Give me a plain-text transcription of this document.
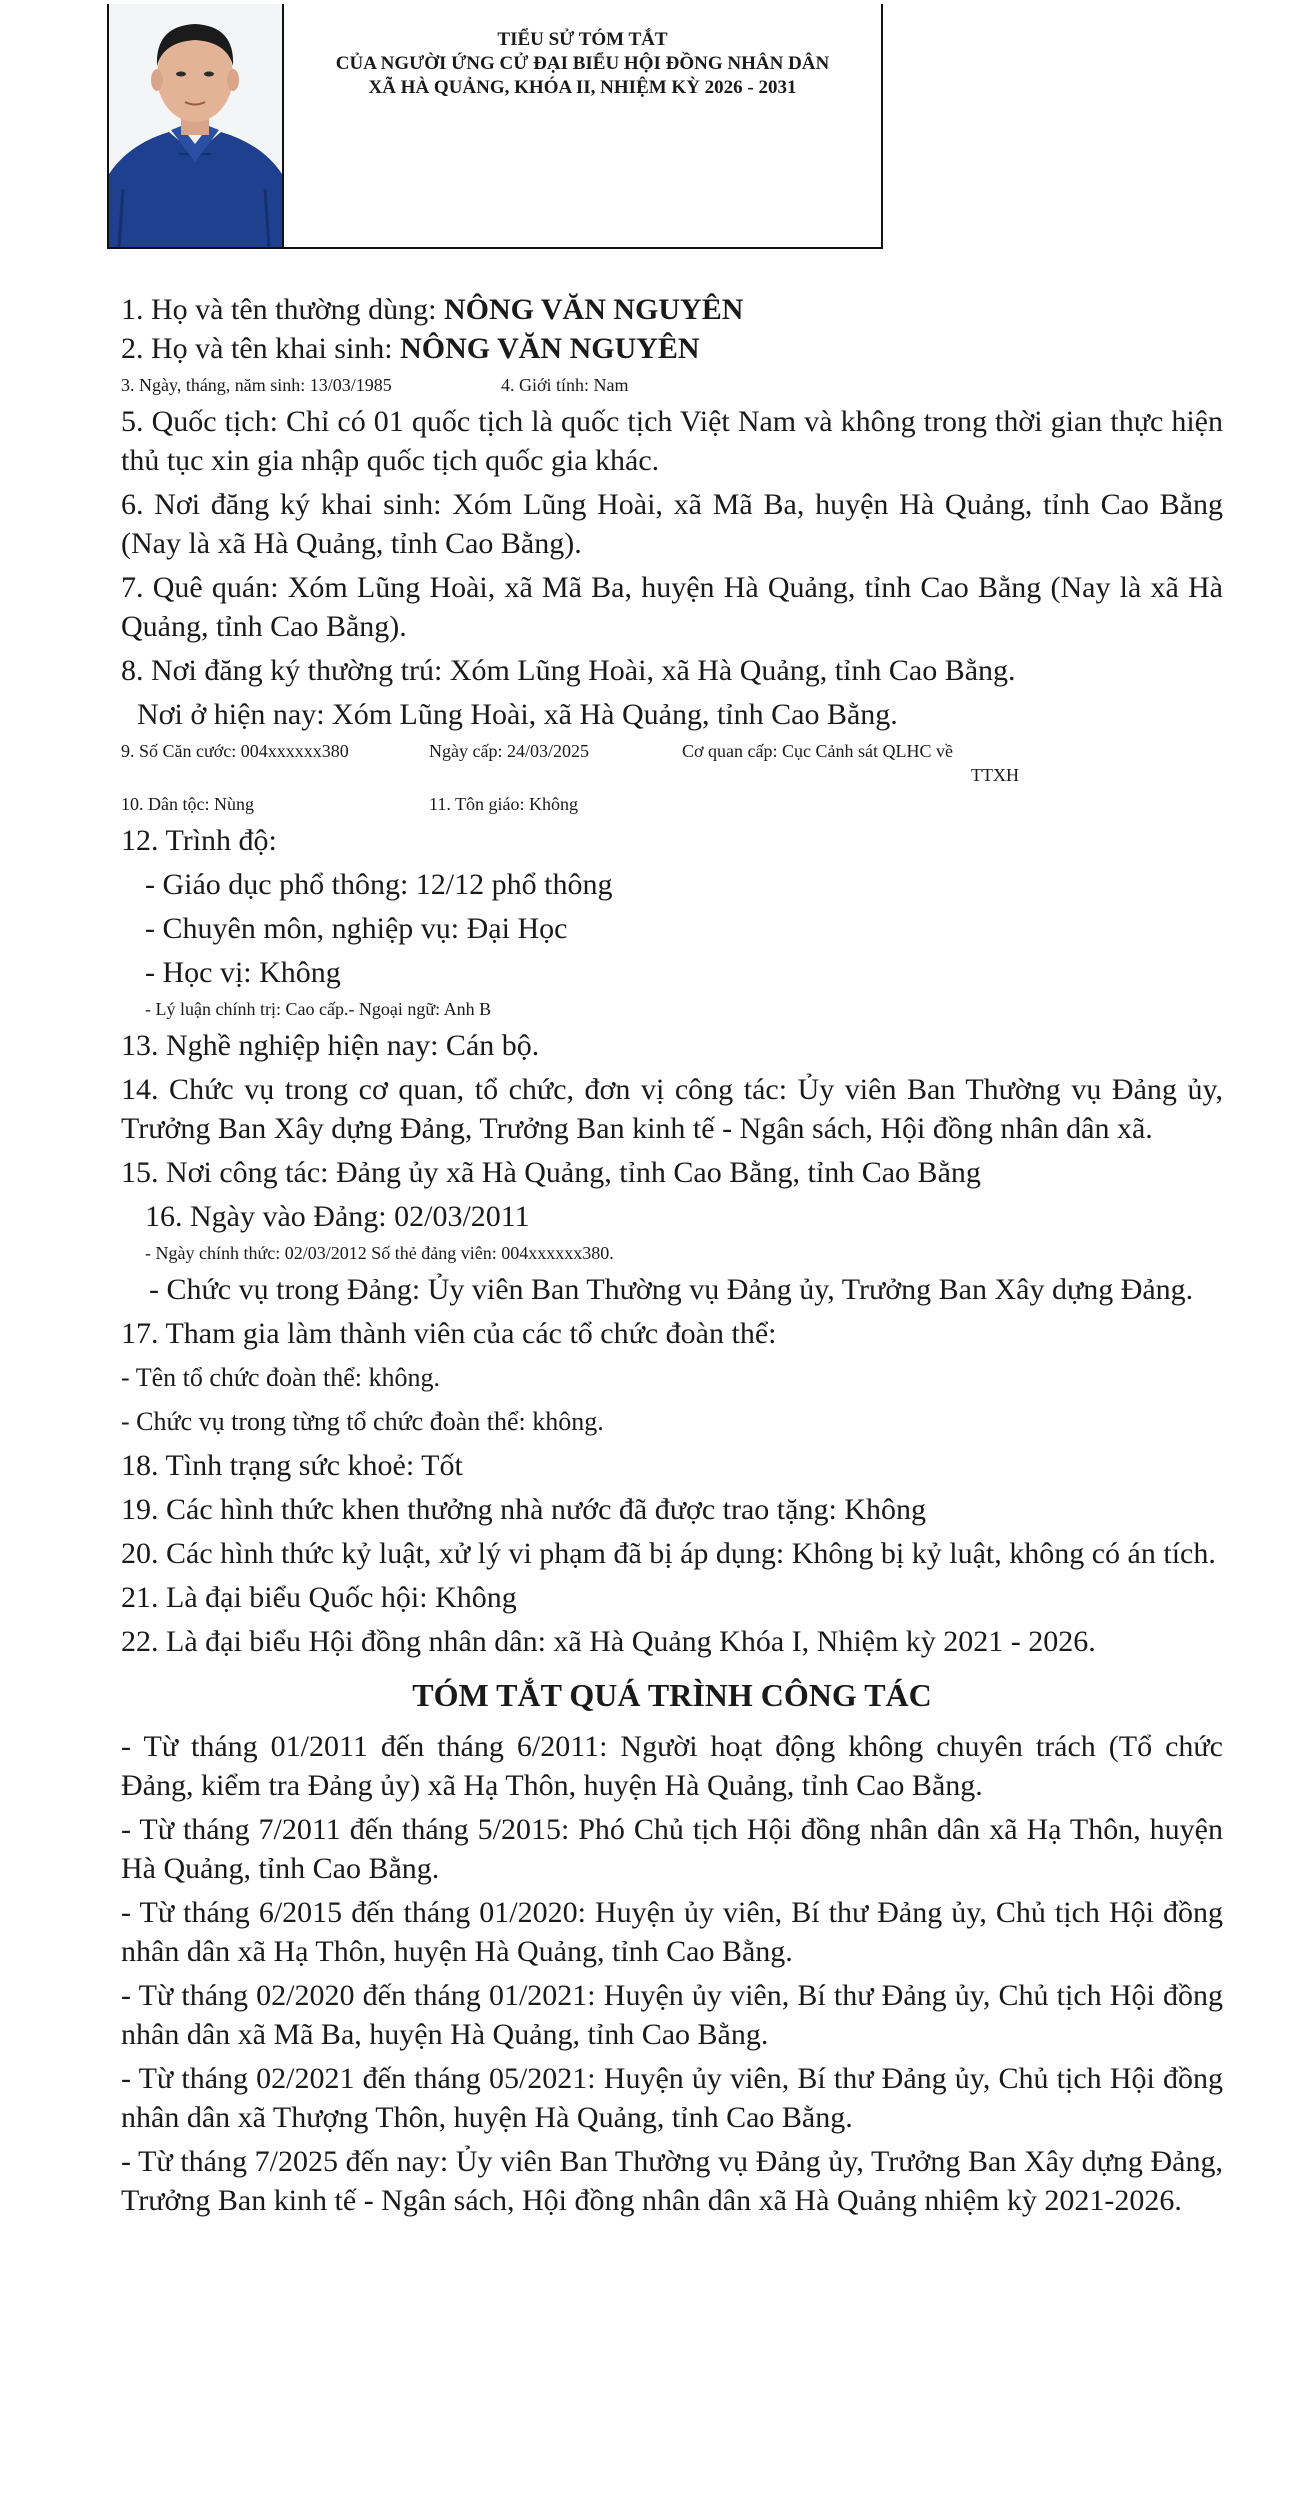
TIỂU SỬ TÓM TẮT
CỦA NGƯỜI ỨNG CỬ ĐẠI BIỂU HỘI ĐỒNG NHÂN DÂN
XÃ HÀ QUẢNG, KHÓA II, NHIỆM KỲ 2026 - 2031

1. Họ và tên thường dùng: NÔNG VĂN NGUYÊN

2. Họ và tên khai sinh: NÔNG VĂN NGUYÊN

3. Ngày, tháng, năm sinh: 13/03/1985	4. Giới tính: Nam

5. Quốc tịch: Chỉ có 01 quốc tịch là quốc tịch Việt Nam và không trong thời gian thực hiện thủ tục xin gia nhập quốc tịch quốc gia khác.

6. Nơi đăng ký khai sinh: Xóm Lũng Hoài, xã Mã Ba, huyện Hà Quảng, tỉnh Cao Bằng (Nay là xã Hà Quảng, tỉnh Cao Bằng).

7. Quê quán: Xóm Lũng Hoài, xã Mã Ba, huyện Hà Quảng, tỉnh Cao Bằng (Nay là xã Hà Quảng, tỉnh Cao Bằng).

8. Nơi đăng ký thường trú: Xóm Lũng Hoài, xã Hà Quảng, tỉnh Cao Bằng.

Nơi ở hiện nay: Xóm Lũng Hoài, xã Hà Quảng, tỉnh Cao Bằng.

9. Số Căn cước: 004xxxxxx380	Ngày cấp: 24/03/2025	Cơ quan cấp: Cục Cảnh sát QLHC về
TTXH

10. Dân tộc: Nùng	11. Tôn giáo: Không

12. Trình độ:

- Giáo dục phổ thông: 12/12 phổ thông

- Chuyên môn, nghiệp vụ: Đại Học

- Học vị: Không

- Lý luận chính trị: Cao cấp.- Ngoại ngữ: Anh B

13. Nghề nghiệp hiện nay: Cán bộ.

14. Chức vụ trong cơ quan, tổ chức, đơn vị công tác: Ủy viên Ban Thường vụ Đảng ủy, Trưởng Ban Xây dựng Đảng, Trưởng Ban kinh tế - Ngân sách, Hội đồng nhân dân xã.

15. Nơi công tác: Đảng ủy xã Hà Quảng, tỉnh Cao Bằng, tỉnh Cao Bằng

16. Ngày vào Đảng: 02/03/2011

- Ngày chính thức: 02/03/2012 Số thẻ đảng viên: 004xxxxxx380.

- Chức vụ trong Đảng: Ủy viên Ban Thường vụ Đảng ủy, Trưởng Ban Xây dựng Đảng.

17. Tham gia làm thành viên của các tổ chức đoàn thể:

- Tên tổ chức đoàn thể: không.

- Chức vụ trong từng tổ chức đoàn thể: không.

18. Tình trạng sức khoẻ: Tốt

19. Các hình thức khen thưởng nhà nước đã được trao tặng: Không

20. Các hình thức kỷ luật, xử lý vi phạm đã bị áp dụng: Không bị kỷ luật, không có án tích.

21. Là đại biểu Quốc hội: Không

22. Là đại biểu Hội đồng nhân dân: xã Hà Quảng Khóa I, Nhiệm kỳ 2021 - 2026.

TÓM TẮT QUÁ TRÌNH CÔNG TÁC

- Từ tháng 01/2011 đến tháng 6/2011: Người hoạt động không chuyên trách (Tổ chức Đảng, kiểm tra Đảng ủy) xã Hạ Thôn, huyện Hà Quảng, tỉnh Cao Bằng.

- Từ tháng 7/2011 đến tháng 5/2015: Phó Chủ tịch Hội đồng nhân dân xã Hạ Thôn, huyện Hà Quảng, tỉnh Cao Bằng.

- Từ tháng 6/2015 đến tháng 01/2020: Huyện ủy viên, Bí thư Đảng ủy, Chủ tịch Hội đồng nhân dân xã Hạ Thôn, huyện Hà Quảng, tỉnh Cao Bằng.

- Từ tháng 02/2020 đến tháng 01/2021: Huyện ủy viên, Bí thư Đảng ủy, Chủ tịch Hội đồng nhân dân xã Mã Ba, huyện Hà Quảng, tỉnh Cao Bằng.

- Từ tháng 02/2021 đến tháng 05/2021: Huyện ủy viên, Bí thư Đảng ủy, Chủ tịch Hội đồng nhân dân xã Thượng Thôn, huyện Hà Quảng, tỉnh Cao Bằng.

- Từ tháng 7/2025 đến nay: Ủy viên Ban Thường vụ Đảng ủy, Trưởng Ban Xây dựng Đảng, Trưởng Ban kinh tế - Ngân sách, Hội đồng nhân dân xã Hà Quảng nhiệm kỳ 2021-2026.
